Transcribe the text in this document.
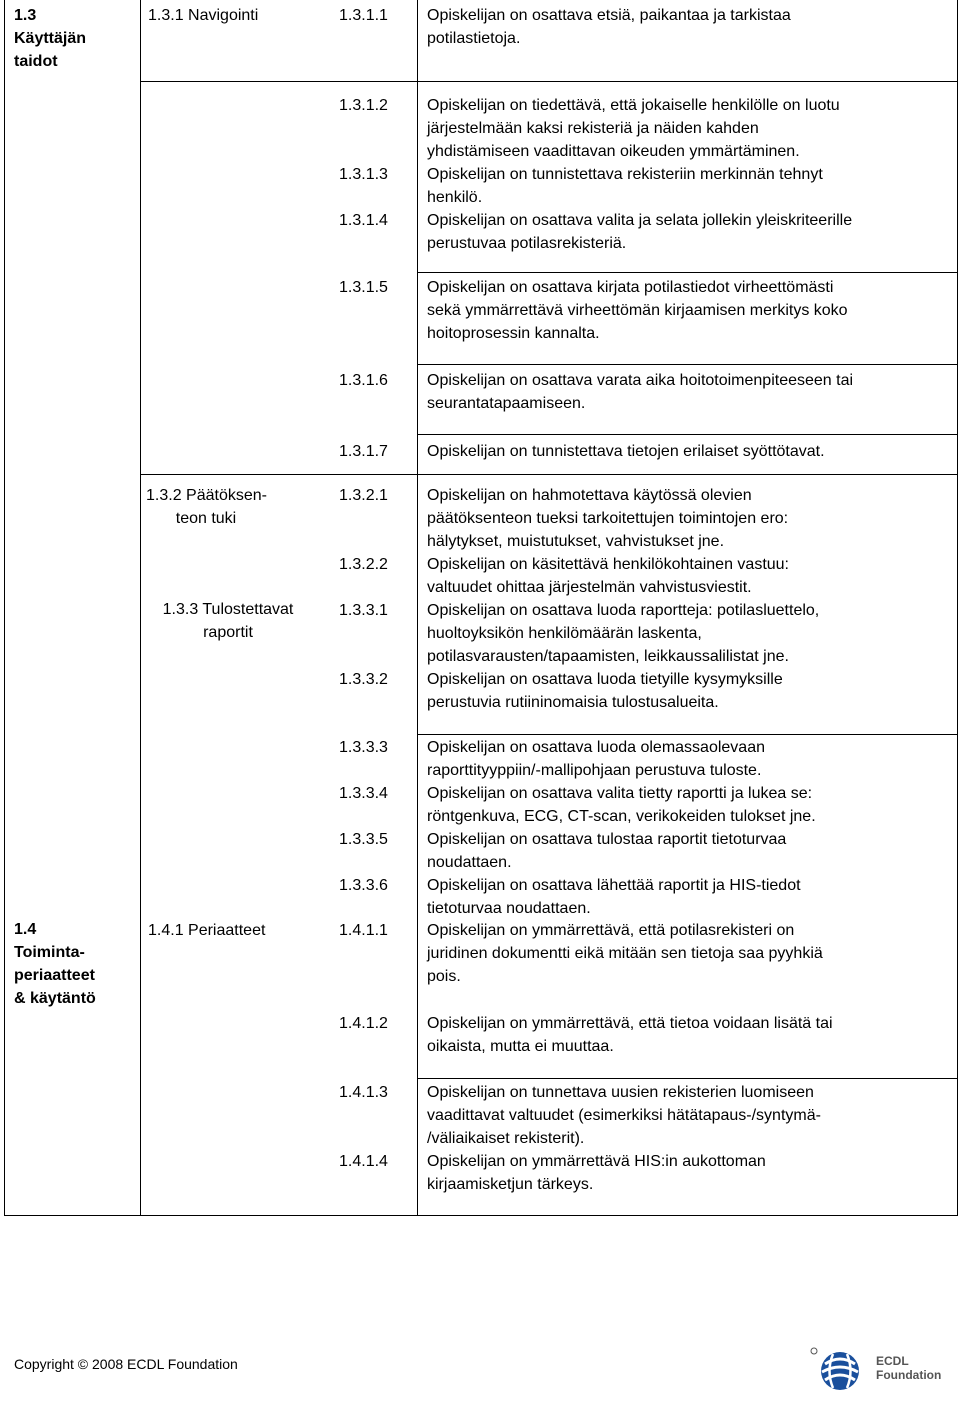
1.3
Käyttäjän
taidot
1.4
Toiminta-
periaatteet
& käytäntö
1.3.1 Navigointi
1.3.2 Päätöksen-
teon tuki
1.3.3 Tulostettavat
raportit
1.4.1 Periaatteet
1.3.1.1 Opiskelijan on osattava etsiä, paikantaa ja tarkistaa
potilastietoja.
1.3.1.2 Opiskelijan on tiedettävä, että jokaiselle henkilölle on luotu
järjestelmään kaksi rekisteriä ja näiden kahden
yhdistämiseen vaadittavan oikeuden ymmärtäminen.
1.3.1.3 Opiskelijan on tunnistettava rekisteriin merkinnän tehnyt
henkilö.
1.3.1.4 Opiskelijan on osattava valita ja selata jollekin yleiskriteerille
perustuvaa potilasrekisteriä.
1.3.1.5 Opiskelijan on osattava kirjata potilastiedot virheettömästi
sekä ymmärrettävä virheettömän kirjaamisen merkitys koko
hoitoprosessin kannalta.
1.3.1.6 Opiskelijan on osattava varata aika hoitotoimenpiteeseen tai
seurantatapaamiseen.
1.3.1.7 Opiskelijan on tunnistettava tietojen erilaiset syöttötavat.
1.3.2.1 Opiskelijan on hahmotettava käytössä olevien
päätöksenteon tueksi tarkoitettujen toimintojen ero:
hälytykset, muistutukset, vahvistukset jne.
1.3.2.2 Opiskelijan on käsitettävä henkilökohtainen vastuu:
valtuudet ohittaa järjestelmän vahvistusviestit.
1.3.3.1 Opiskelijan on osattava luoda raportteja: potilasluettelo,
huoltoyksikön henkilömäärän laskenta,
potilasvarausten/tapaamisten, leikkaussalilistat jne.
1.3.3.2 Opiskelijan on osattava luoda tietyille kysymyksille
perustuvia rutiininomaisia tulostusalueita.
1.3.3.3 Opiskelijan on osattava luoda olemassaolevaan
raporttityyppiin/-mallipohjaan perustuva tuloste.
1.3.3.4 Opiskelijan on osattava valita tietty raportti ja lukea se:
röntgenkuva, ECG, CT-scan, verikokeiden tulokset jne.
1.3.3.5 Opiskelijan on osattava tulostaa raportit tietoturvaa
noudattaen.
1.3.3.6 Opiskelijan on osattava lähettää raportit ja HIS-tiedot
tietoturvaa noudattaen.
1.4.1.1 Opiskelijan on ymmärrettävä, että potilasrekisteri on
juridinen dokumentti eikä mitään sen tietoja saa pyyhkiä
pois.
1.4.1.2 Opiskelijan on ymmärrettävä, että tietoa voidaan lisätä tai
oikaista, mutta ei muuttaa.
1.4.1.3 Opiskelijan on tunnettava uusien rekisterien luomiseen
vaadittavat valtuudet (esimerkiksi hätätapaus-/syntymä-
/väliaikaiset rekisterit).
1.4.1.4 Opiskelijan on ymmärrettävä HIS:in aukottoman
kirjaamisketjun tärkeys.
Copyright © 2008 ECDL Foundation	ECDL
Foundation
